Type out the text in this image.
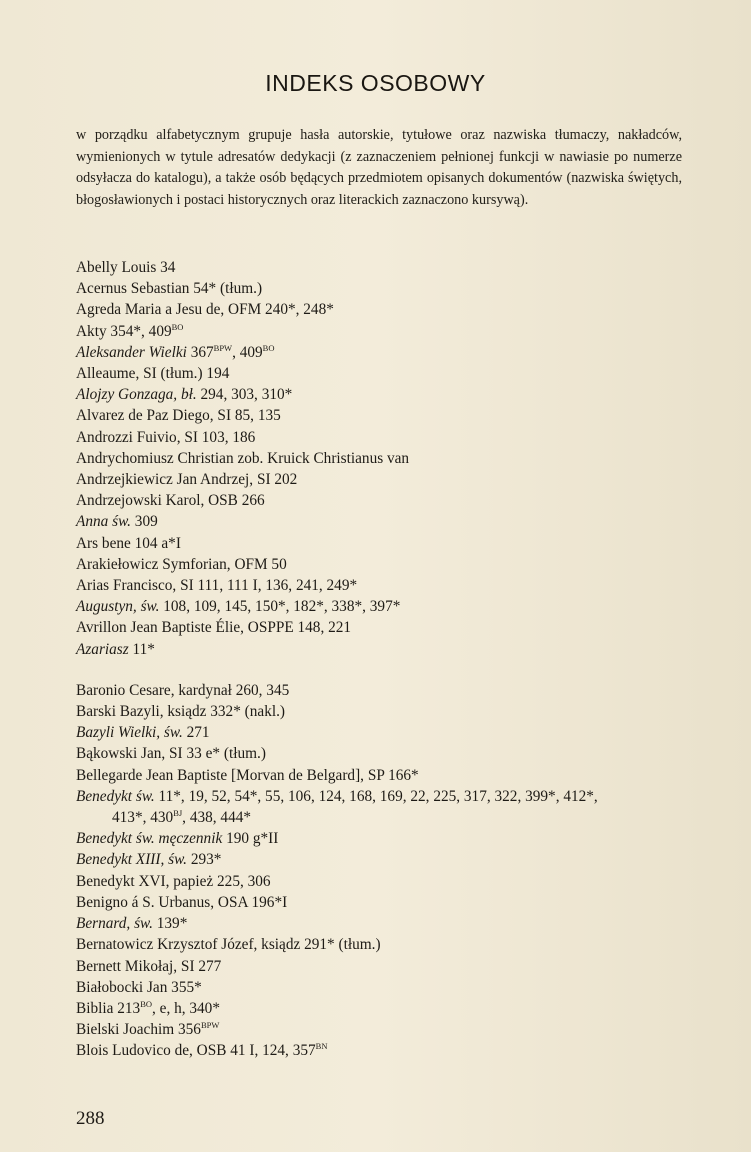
INDEKS OSOBOWY
w porządku alfabetycznym grupuje hasła autorskie, tytułowe oraz nazwiska tłumaczy, nakładców, wymienionych w tytule adresatów dedykacji (z zaznaczeniem pełnionej funkcji w nawiasie po numerze odsyłacza do katalogu), a także osób będących przedmiotem opisanych dokumentów (nazwiska świętych, błogosławionych i postaci historycznych oraz literackich zaznaczono kursywą).
Abelly Louis 34
Acernus Sebastian 54* (tłum.)
Agreda Maria a Jesu de, OFM 240*, 248*
Akty 354*, $409^{BO}$
Aleksander Wielki $367^{BPW}$, $409^{BO}$
Alleaume, SI (tłum.) 194
Alojzy Gonzaga, bł. 294, 303, 310*
Alvarez de Paz Diego, SI 85, 135
Androzzi Fuivio, SI 103, 186
Andrychomiusz Christian zob. Kruick Christianus van
Andrzejkiewicz Jan Andrzej, SI 202
Andrzejowski Karol, OSB 266
Anna św. 309
Ars bene 104 a*I
Arakiełowicz Symforian, OFM 50
Arias Francisco, SI 111, 111 I, 136, 241, 249*
Augustyn, św. 108, 109, 145, 150*, 182*, 338*, 397*
Avrillon Jean Baptiste Élie, OSPPE 148, 221
Azariasz 11*
Baronio Cesare, kardynał 260, 345
Barski Bazyli, ksiądz 332* (nakl.)
Bazyli Wielki, św. 271
Bąkowski Jan, SI 33 e* (tłum.)
Bellegarde Jean Baptiste [Morvan de Belgard], SP 166*
Benedykt św. 11*, 19, 52, 54*, 55, 106, 124, 168, 169, 22, 225, 317, 322, 399*, 412*,
413*, $430^{BJ}$, 438, 444*
Benedykt św. męczennik 190 g*II
Benedykt XIII, św. 293*
Benedykt XVI, papież 225, 306
Benigno á S. Urbanus, OSA 196*I
Bernard, św. 139*
Bernatowicz Krzysztof Józef, ksiądz 291* (tłum.)
Bernett Mikołaj, SI 277
Białobocki Jan 355*
Biblia $213^{BO}$, e, h, 340*
Bielski Joachim $356^{BPW}$
Blois Ludovico de, OSB 41 I, 124, $357^{BN}$
288
